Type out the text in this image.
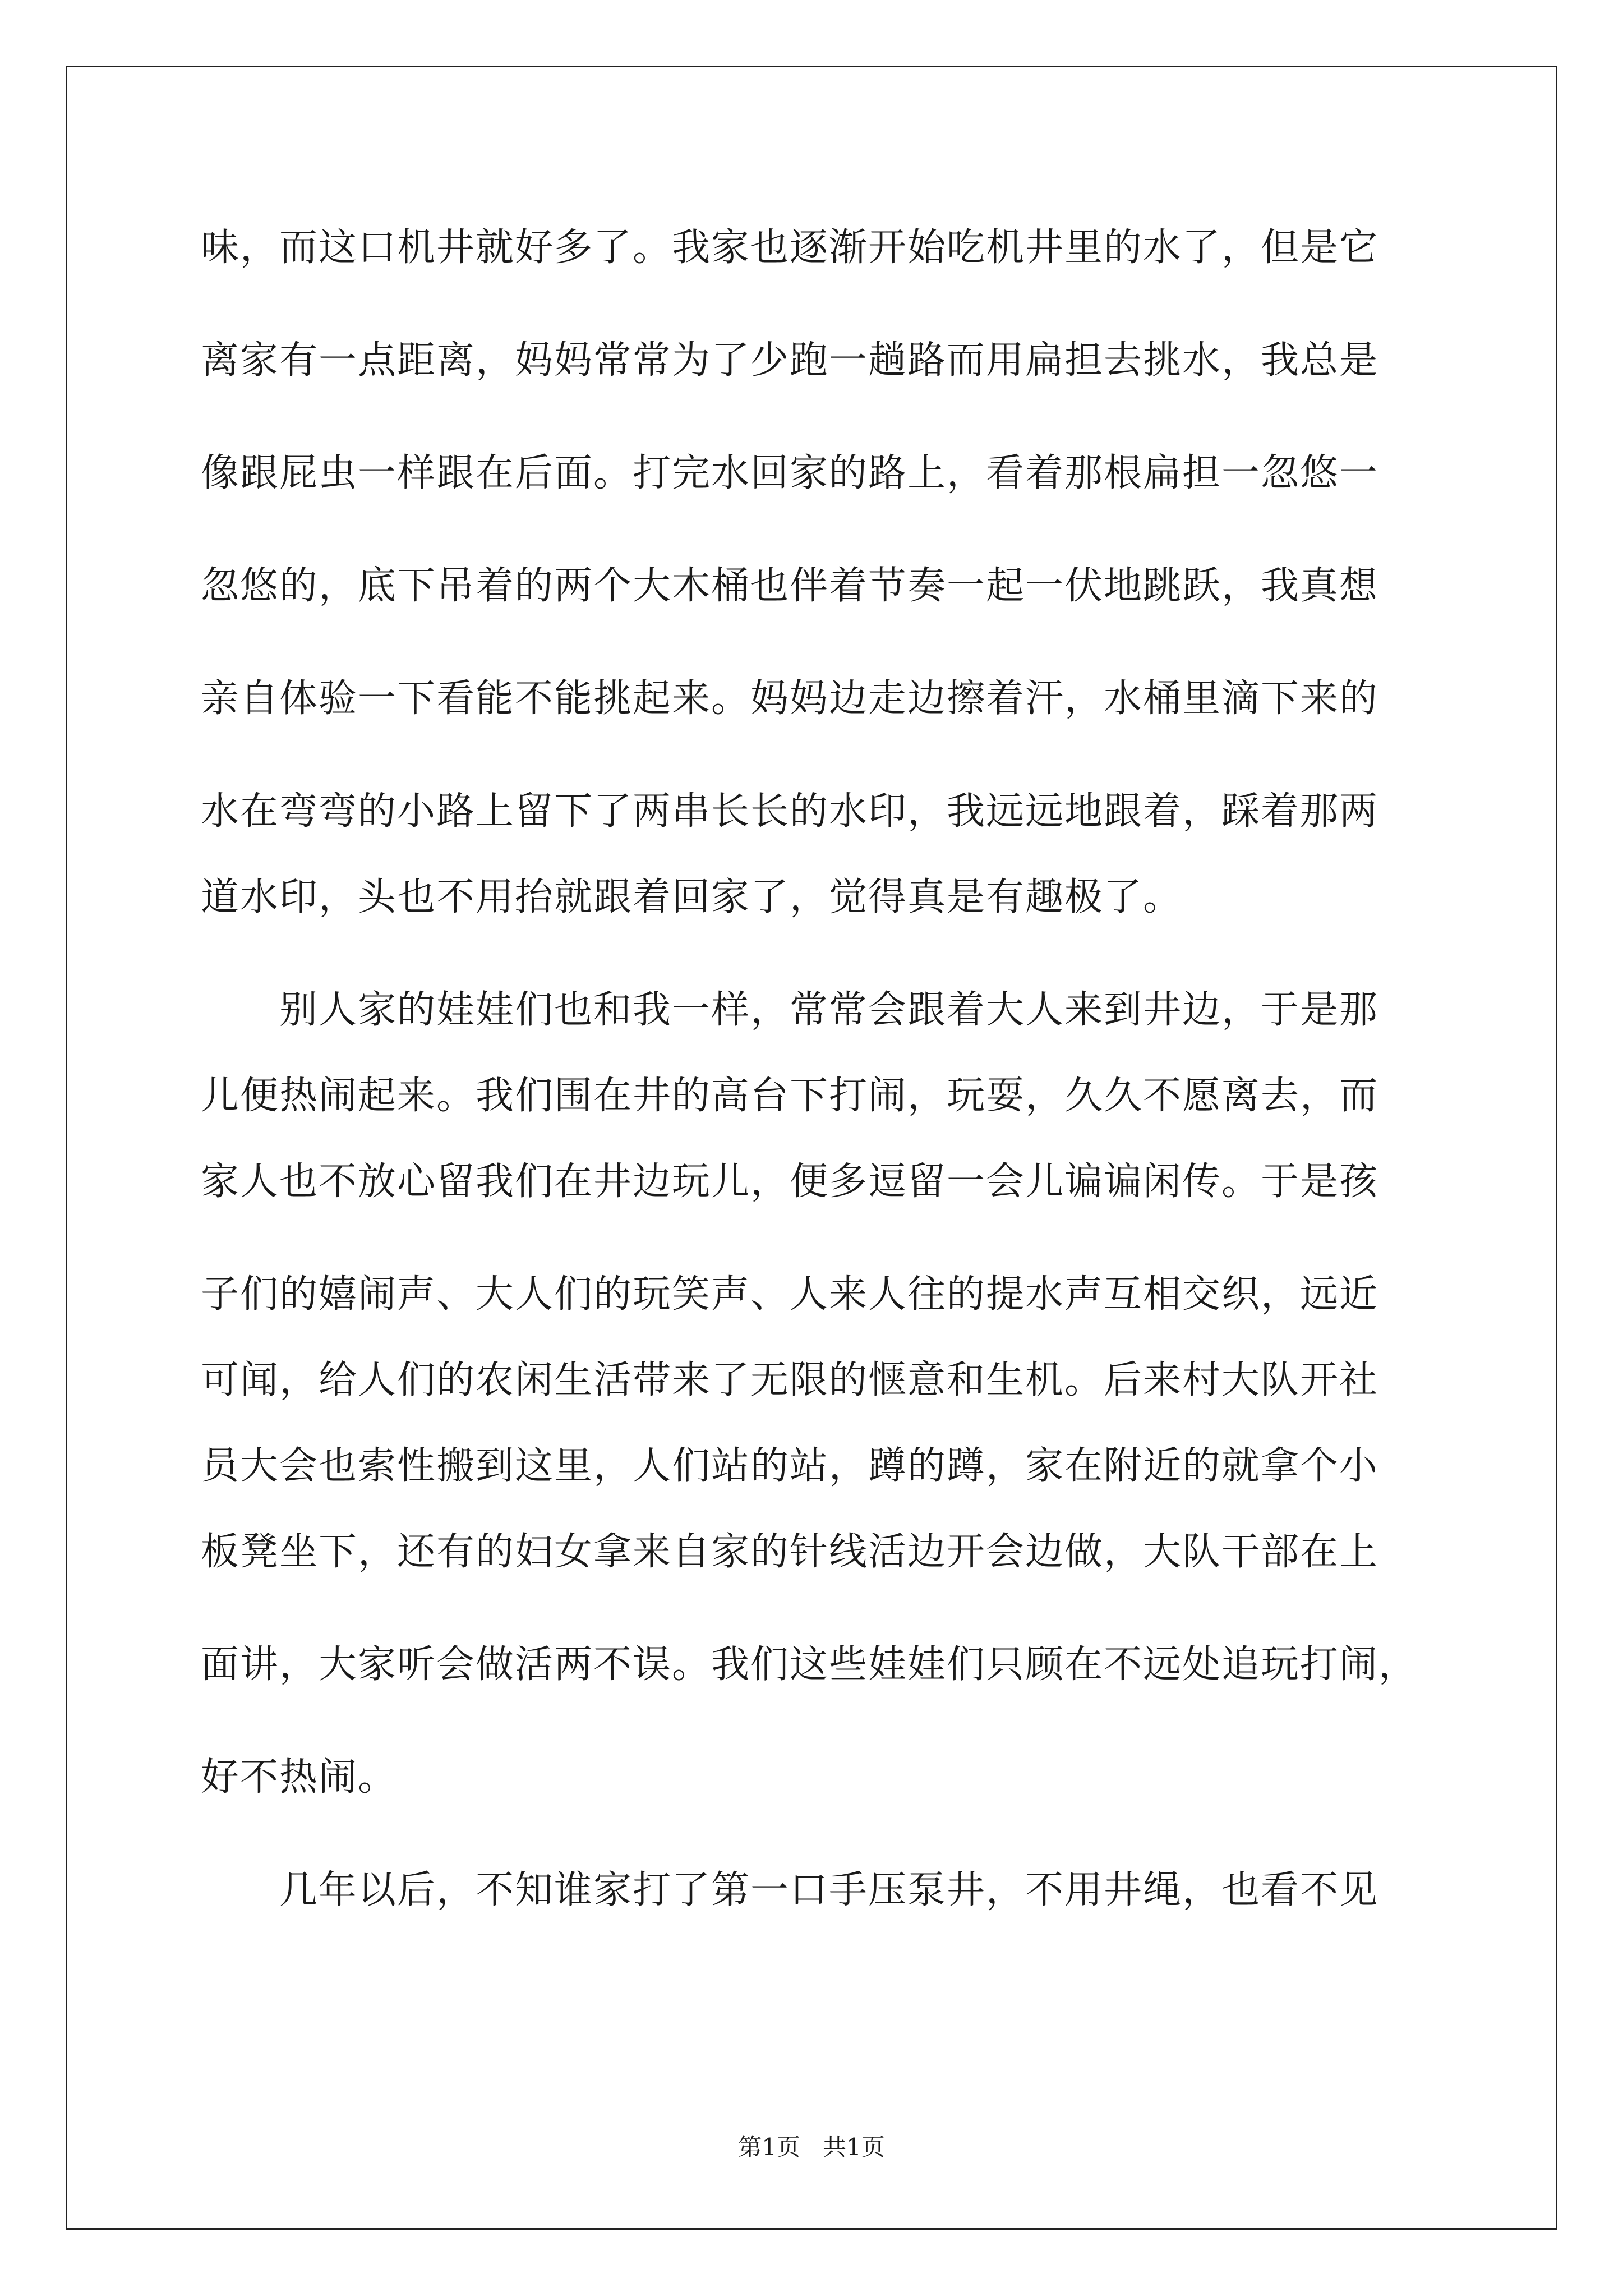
味，而这口机井就好多了。我家也逐渐开始吃机井里的水了，但是它

离家有一点距离，妈妈常常为了少跑一趟路而用扁担去挑水，我总是

像跟屁虫一样跟在后面。打完水回家的路上，看着那根扁担一忽悠一

忽悠的，底下吊着的两个大木桶也伴着节奏一起一伏地跳跃，我真想

亲自体验一下看能不能挑起来。妈妈边走边擦着汗，水桶里滴下来的

水在弯弯的小路上留下了两串长长的水印，我远远地跟着，踩着那两

道水印，头也不用抬就跟着回家了，觉得真是有趣极了。

别人家的娃娃们也和我一样，常常会跟着大人来到井边，于是那

儿便热闹起来。我们围在井的高台下打闹，玩耍，久久不愿离去，而

家人也不放心留我们在井边玩儿，便多逗留一会儿谝谝闲传。于是孩

子们的嬉闹声、大人们的玩笑声、人来人往的提水声互相交织，远近

可闻，给人们的农闲生活带来了无限的惬意和生机。后来村大队开社

员大会也索性搬到这里，人们站的站，蹲的蹲，家在附近的就拿个小

板凳坐下，还有的妇女拿来自家的针线活边开会边做，大队干部在上

面讲，大家听会做活两不误。我们这些娃娃们只顾在不远处追玩打闹，

好不热闹。

几年以后，不知谁家打了第一口手压泵井，不用井绳，也看不见

第1页   共1页
